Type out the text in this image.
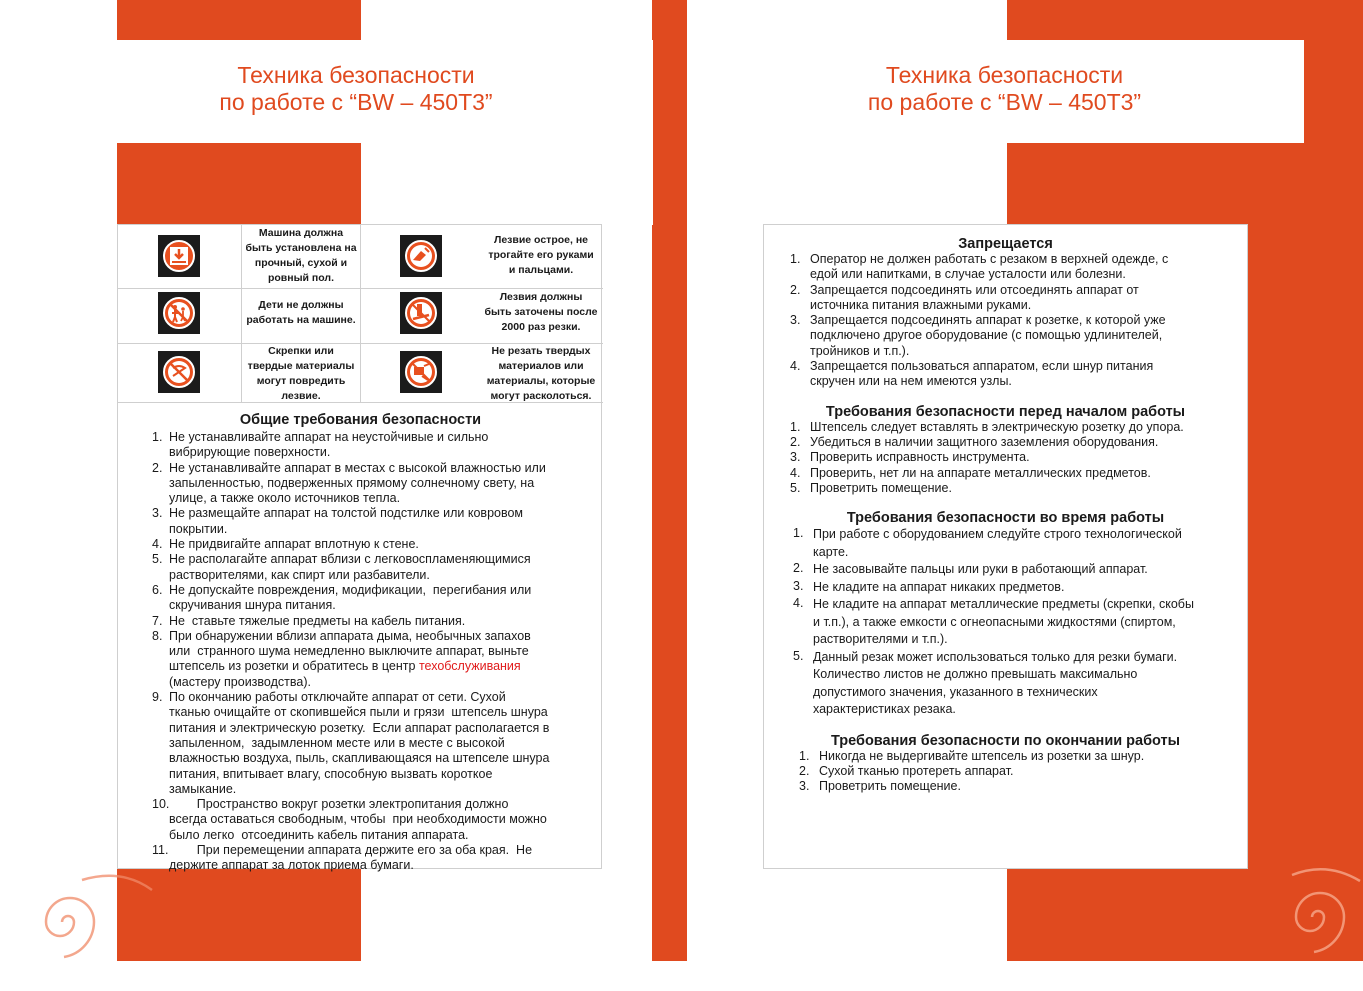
Техника безопасности

по работе с “BW – 450T3”

Машина должна
быть установлена на
прочный, сухой и
ровный пол.
Лезвие острое, не
трогайте его руками
и пальцами.
Дети не должны
работать на машине.
Лезвия должны
быть заточены после
2000 раз резки.
Скрепки или
твердые материалы
могут повредить
лезвие.
Не резать твердых
материалов или
материалы, которые
могут расколоться.

Общие требования безопасности

1. Не устанавливайте аппарат на неустойчивые и сильно
вибрирующие поверхности.
2. Не устанавливайте аппарат в местах с высокой влажностью или
запыленностью, подверженных прямому солнечному свету, на
улице, а также около источников тепла.
3. Не размещайте аппарат на толстой подстилке или ковровом
покрытии.
4. Не придвигайте аппарат вплотную к стене.
5. Не располагайте аппарат вблизи с легковоспламеняющимися
растворителями, как спирт или разбавители.
6. Не допускайте повреждения, модификации,  перегибания или
скручивания шнура питания.
7. Не  ставьте тяжелые предметы на кабель питания.
8. При обнаружении вблизи аппарата дыма, необычных запахов
или  странного шума немедленно выключите аппарат, выньте
штепсель из розетки и обратитесь в центр техобслуживания
(мастеру производства).
9. По окончанию работы отключайте аппарат от сети. Сухой
тканью очищайте от скопившейся пыли и грязи  штепсель шнура
питания и электрическую розетку.  Если аппарат располагается в
запыленном,  задымленном месте или в месте с высокой
влажностью воздуха, пыль, скапливающаяся на штепселе шнура
питания, впитывает влагу, способную вызвать короткое
замыкание.
10. Пространство вокруг розетки электропитания должно
всегда оставаться свободным, чтобы  при необходимости можно
было легко  отсоединить кабель питания аппарата.
11. При перемещении аппарата держите его за оба края.  Не
держите аппарат за лоток приема бумаги.

Техника безопасности

по работе с “BW – 450T3”

Запрещается

1. Оператор не должен работать с резаком в верхней одежде, с
едой или напитками, в случае усталости или болезни.
2. Запрещается подсоединять или отсоединять аппарат от
источника питания влажными руками.
3. Запрещается подсоединять аппарат к розетке, к которой уже
подключено другое оборудование (с помощью удлинителей,
тройников и т.п.).
4. Запрещается пользоваться аппаратом, если шнур питания
скручен или на нем имеются узлы.

Требования безопасности перед началом работы

1. Штепсель следует вставлять в электрическую розетку до упора.
2. Убедиться в наличии защитного заземления оборудования.
3. Проверить исправность инструмента.
4. Проверить, нет ли на аппарате металлических предметов.
5. Проветрить помещение.

Требования безопасности во время работы

1. При работе с оборудованием следуйте строго технологической
карте.
2. Не засовывайте пальцы или руки в работающий аппарат.
3. Не кладите на аппарат никаких предметов.
4. Не кладите на аппарат металлические предметы (скрепки, скобы
и т.п.), а также емкости с огнеопасными жидкостями (спиртом,
растворителями и т.п.).
5. Данный резак может использоваться только для резки бумаги.
Количество листов не должно превышать максимально
допустимого значения, указанного в технических
характеристиках резака.

Требования безопасности по окончании работы

1. Никогда не выдергивайте штепсель из розетки за шнур.
2. Сухой тканью протереть аппарат.
3. Проветрить помещение.
